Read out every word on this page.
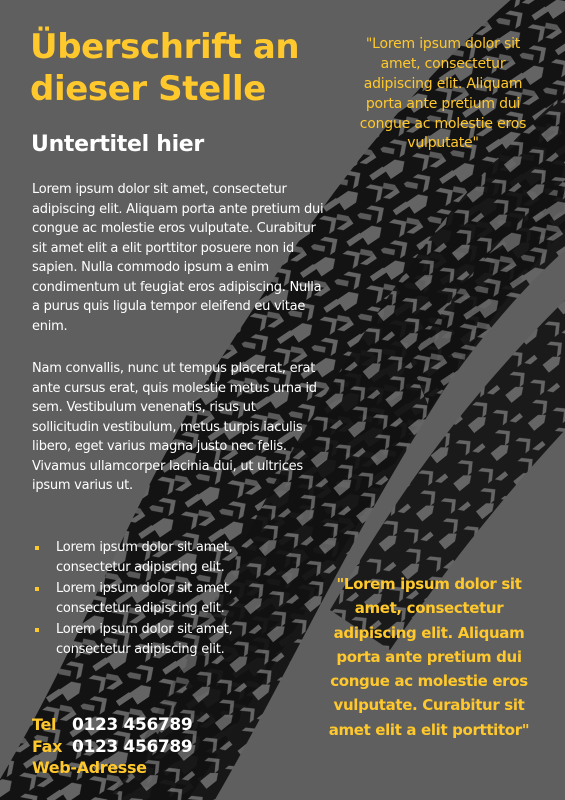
Überschrift an dieser Stelle
Untertitel hier

"Lorem ipsum dolor sit amet, consectetur adipiscing elit. Aliquam porta ante pretium dui congue ac molestie eros vulputate"

Lorem ipsum dolor sit amet, consectetur adipiscing elit. Aliquam porta ante pretium dui congue ac molestie eros vulputate. Curabitur sit amet elit a elit porttitor posuere non id sapien. Nulla commodo ipsum a enim condimentum ut feugiat eros adipiscing. Nulla a purus quis ligula tempor eleifend eu vitae enim.

Nam convallis, nunc ut tempus placerat, erat ante cursus erat, quis molestie metus urna id sem. Vestibulum venenatis, risus ut sollicitudin vestibulum, metus turpis iaculis libero, eget varius magna justo nec felis. Vivamus ullamcorper lacinia dui, ut ultrices ipsum varius ut.

Lorem ipsum dolor sit amet, consectetur adipiscing elit.
Lorem ipsum dolor sit amet, consectetur adipiscing elit.
Lorem ipsum dolor sit amet, consectetur adipiscing elit.

"Lorem ipsum dolor sit amet, consectetur adipiscing elit. Aliquam porta ante pretium dui congue ac molestie eros vulputate. Curabitur sit amet elit a elit porttitor"

Tel 0123 456789
Fax 0123 456789
Web-Adresse
